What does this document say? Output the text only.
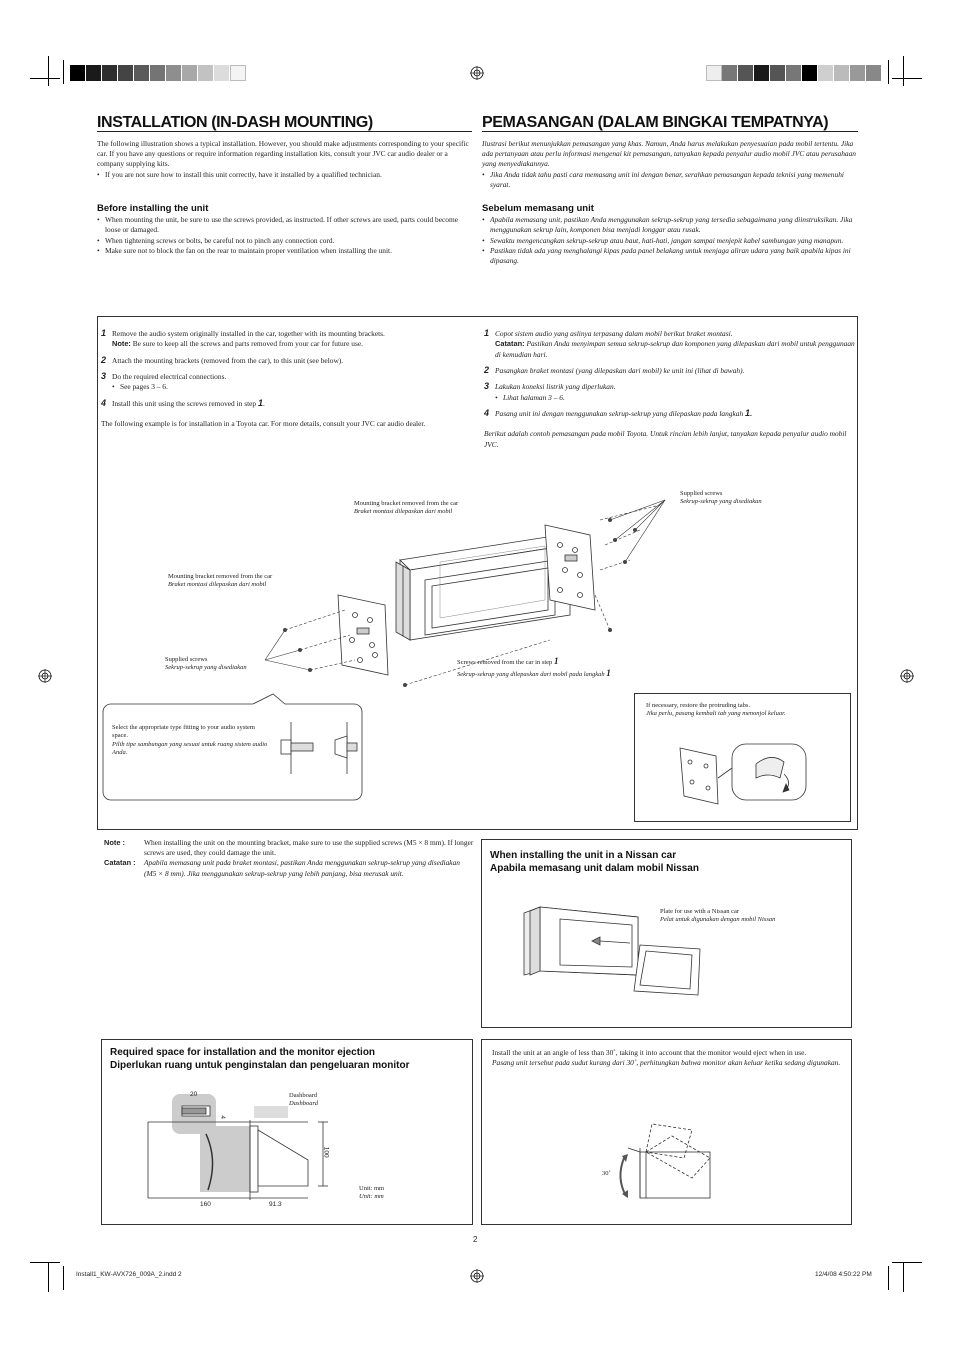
INSTALLATION (IN-DASH MOUNTING)
The following illustration shows a typical installation. However, you should make adjustments corresponding to your specific car. If you have any questions or require information regarding installation kits, consult your JVC car audio dealer or a company supplying kits.
• If you are not sure how to install this unit correctly, have it installed by a qualified technician.
Before installing the unit
• When mounting the unit, be sure to use the screws provided, as instructed. If other screws are used, parts could become loose or damaged.
• When tightening screws or bolts, be careful not to pinch any connection cord.
• Make sure not to block the fan on the rear to maintain proper ventilation when installing the unit.
PEMASANGAN (DALAM BINGKAI TEMPATNYA)
Ilustrasi berikut menunjukkan pemasangan yang khas. Namun, Anda harus melakukan penyesuaian pada mobil tertentu. Jika ada pertanyaan atau perlu informasi mengenai kit pemasangan, tanyakan kepada penyalur audio mobil JVC atau perusahaan yang menyediakannya.
• Jika Anda tidak tahu pasti cara memasang unit ini dengan benar, serahkan pemasangan kepada teknisi yang memenuhi syarat.
Sebelum memasang unit
• Apabila memasang unit, pastikan Anda menggunakan sekrup-sekrup yang tersedia sebagaimana yang diinstruksikan. Jika menggunakan sekrup lain, komponen bisa menjadi longgar atau rusak.
• Sewaktu mengencangkan sekrup-sekrup atau baut, hati-hati, jangan sampai menjepit kabel sambungan yang manapun.
• Pastikan tidak ada yang menghalangi kipas pada panel belakang untuk menjaga aliran udara yang baik apabila kipas ini dipasang.
1 Remove the audio system originally installed in the car, together with its mounting brackets.
Note: Be sure to keep all the screws and parts removed from your car for future use.
2 Attach the mounting brackets (removed from the car), to this unit (see below).
3 Do the required electrical connections.
• See pages 3 – 6.
4 Install this unit using the screws removed in step 1.
The following example is for installation in a Toyota car. For more details, consult your JVC car audio dealer.
1 Copot sistem audio yang aslinya terpasang dalam mobil berikut braket montasi.
Catatan: Pastikan Anda menyimpan semua sekrup-sekrup dan komponen yang dilepaskan dari mobil untuk penggunaan di kemudian hari.
2 Pasangkan braket montasi (yang dilepaskan dari mobil) ke unit ini (lihat di bawah).
3 Lakukan koneksi listrik yang diperlukan.
• Lihat halaman 3 – 6.
4 Pasang unit ini dengan menggunakan sekrup-sekrup yang dilepaskan pada langkah 1.
Berikut adalah contoh pemasangan pada mobil Toyota. Untuk rincian lebih lanjut, tanyakan kepada penyalur audio mobil JVC.
Mounting bracket removed from the car
Braket montasi dilepaskan dari mobil
Supplied screws
Sekrup-sekrup yang disediakan
Mounting bracket removed from the car
Braket montasi dilepaskan dari mobil
Supplied screws
Sekrup-sekrup yang disediakan
Screws removed from the car in step 1
Sekrup-sekrup yang dilepaskan dari mobil pada langkah 1
Select the appropriate type fitting to your audio system space.
Pilih tipe sambungan yang sesuai untuk ruang sistem audio Anda.
If necessary, restore the protruding tabs.
Jika perlu, pasang kembali tab yang menonjol keluar.
Note :	When installing the unit on the mounting bracket, make sure to use the supplied screws (M5 × 8 mm). If longer screws are used, they could damage the unit.
Catatan :	Apabila memasang unit pada braket montasi, pastikan Anda menggunakan sekrup-sekrup yang disediakan (M5 × 8 mm). Jika menggunakan sekrup-sekrup yang lebih panjang, bisa merusak unit.
When installing the unit in a Nissan car
Apabila memasang unit dalam mobil Nissan
Plate for use with a Nissan car
Pelat untuk digunakan dengan mobil Nissan
Required space for installation and the monitor ejection
Diperlukan ruang untuk penginstalan dan pengeluaran monitor
20
4
100
160	91.3
Dashboard
Dashboard
Unit: mm
Unit: mm
Install the unit at an angle of less than 30˚, taking it into account that the monitor would eject when in use.
Pasang unit tersebut pada sudut kurang dari 30˚, perhitungkan bahwa monitor akan keluar ketika sedang digunakan.
30˚
2
Install1_KW-AVX726_009A_2.indd 2	12/4/08 4:50:22 PM
